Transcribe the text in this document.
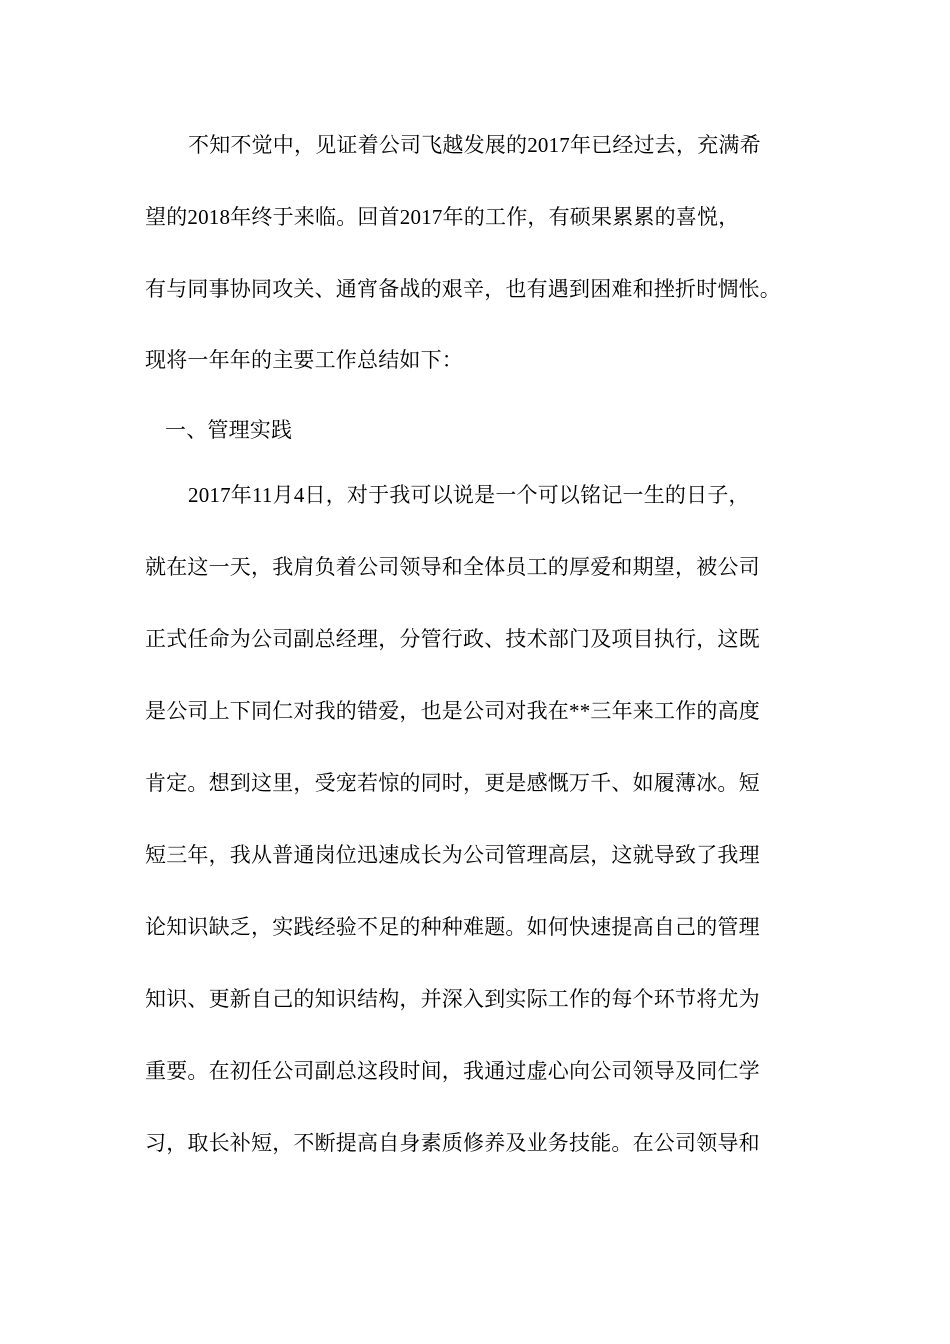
不知不觉中，见证着公司飞越发展的2017年已经过去，充满希
望的2018年终于来临。回首2017年的工作，有硕果累累的喜悦，
有与同事协同攻关、通宵备战的艰辛，也有遇到困难和挫折时惆怅。
现将一年年的主要工作总结如下：
一、管理实践
2017年11月4日，对于我可以说是一个可以铭记一生的日子，
就在这一天，我肩负着公司领导和全体员工的厚爱和期望，被公司
正式任命为公司副总经理，分管行政、技术部门及项目执行，这既
是公司上下同仁对我的错爱，也是公司对我在**三年来工作的高度
肯定。想到这里，受宠若惊的同时，更是感慨万千、如履薄冰。短
短三年，我从普通岗位迅速成长为公司管理高层，这就导致了我理
论知识缺乏，实践经验不足的种种难题。如何快速提高自己的管理
知识、更新自己的知识结构，并深入到实际工作的每个环节将尤为
重要。在初任公司副总这段时间，我通过虚心向公司领导及同仁学
习，取长补短，不断提高自身素质修养及业务技能。在公司领导和
